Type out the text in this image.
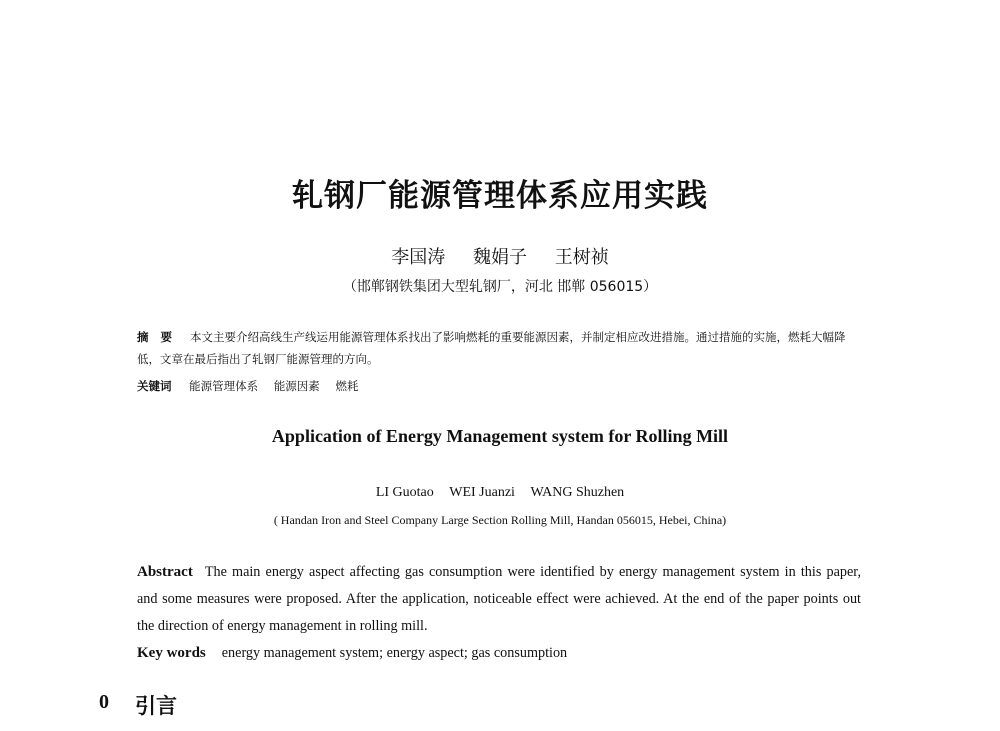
轧钢厂能源管理体系应用实践
李国涛 魏娟子 王树祯
（邯郸钢铁集团大型轧钢厂，河北 邯郸 056015）
摘 要 本文主要介绍高线生产线运用能源管理体系找出了影响燃耗的重要能源因素，并制定相应改进措施。通过措施的实施，燃耗大幅降低，文章在最后指出了轧钢厂能源管理的方向。
关键词 能源管理体系 能源因素 燃耗
Application of Energy Management system for Rolling Mill
LI Guotao WEI Juanzi WANG Shuzhen
( Handan Iron and Steel Company Large Section Rolling Mill, Handan 056015, Hebei, China)
Abstract The main energy aspect affecting gas consumption were identified by energy management system in this paper, and some measures were proposed. After the application, noticeable effect were achieved. At the end of the paper points out the direction of energy management in rolling mill.
Key words energy management system; energy aspect; gas consumption
0 引言
